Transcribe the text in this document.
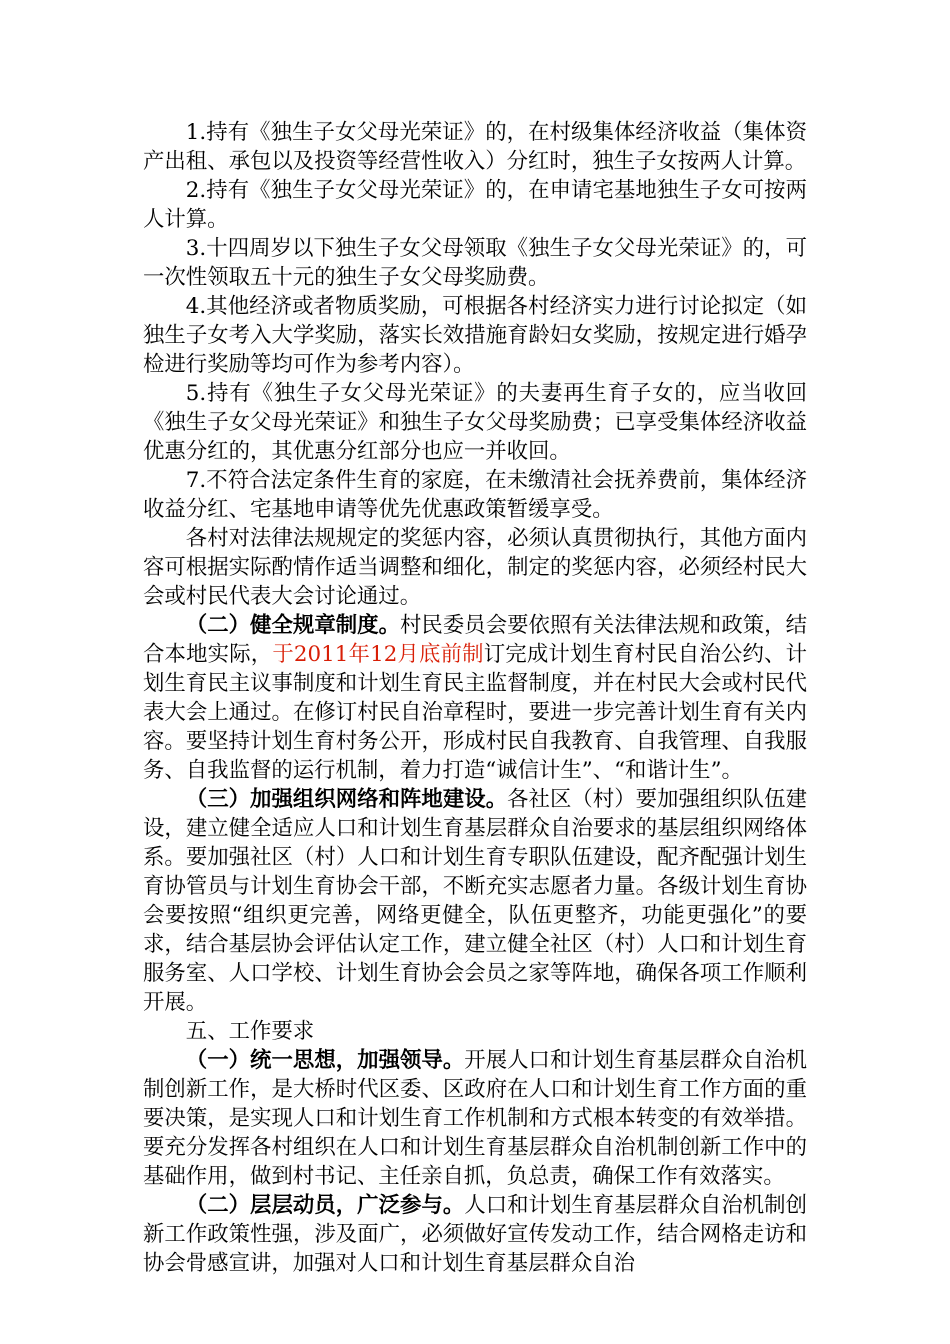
1.持有《独生子女父母光荣证》的，在村级集体经济收益（集体资产出租、承包以及投资等经营性收入）分红时，独生子女按两人计算。

2.持有《独生子女父母光荣证》的，在申请宅基地独生子女可按两人计算。

3.十四周岁以下独生子女父母领取《独生子女父母光荣证》的，可一次性领取五十元的独生子女父母奖励费。

4.其他经济或者物质奖励，可根据各村经济实力进行讨论拟定（如独生子女考入大学奖励，落实长效措施育龄妇女奖励，按规定进行婚孕检进行奖励等均可作为参考内容）。

5.持有《独生子女父母光荣证》的夫妻再生育子女的，应当收回《独生子女父母光荣证》和独生子女父母奖励费；已享受集体经济收益优惠分红的，其优惠分红部分也应一并收回。

7.不符合法定条件生育的家庭，在未缴清社会抚养费前，集体经济收益分红、宅基地申请等优先优惠政策暂缓享受。

各村对法律法规规定的奖惩内容，必须认真贯彻执行，其他方面内容可根据实际酌情作适当调整和细化，制定的奖惩内容，必须经村民大会或村民代表大会讨论通过。

（二）健全规章制度。村民委员会要依照有关法律法规和政策，结合本地实际，于2011年12月底前制订完成计划生育村民自治公约、计划生育民主议事制度和计划生育民主监督制度，并在村民大会或村民代表大会上通过。在修订村民自治章程时，要进一步完善计划生育有关内容。要坚持计划生育村务公开，形成村民自我教育、自我管理、自我服务、自我监督的运行机制，着力打造“诚信计生”、“和谐计生”。

（三）加强组织网络和阵地建设。各社区（村）要加强组织队伍建设，建立健全适应人口和计划生育基层群众自治要求的基层组织网络体系。要加强社区（村）人口和计划生育专职队伍建设，配齐配强计划生育协管员与计划生育协会干部，不断充实志愿者力量。各级计划生育协会要按照“组织更完善，网络更健全，队伍更整齐，功能更强化”的要求，结合基层协会评估认定工作，建立健全社区（村）人口和计划生育服务室、人口学校、计划生育协会会员之家等阵地，确保各项工作顺利开展。

五、工作要求

（一）统一思想，加强领导。开展人口和计划生育基层群众自治机制创新工作，是大桥时代区委、区政府在人口和计划生育工作方面的重要决策，是实现人口和计划生育工作机制和方式根本转变的有效举措。要充分发挥各村组织在人口和计划生育基层群众自治机制创新工作中的基础作用，做到村书记、主任亲自抓，负总责，确保工作有效落实。

（二）层层动员，广泛参与。人口和计划生育基层群众自治机制创新工作政策性强，涉及面广，必须做好宣传发动工作，结合网格走访和协会骨感宣讲，加强对人口和计划生育基层群众自治
